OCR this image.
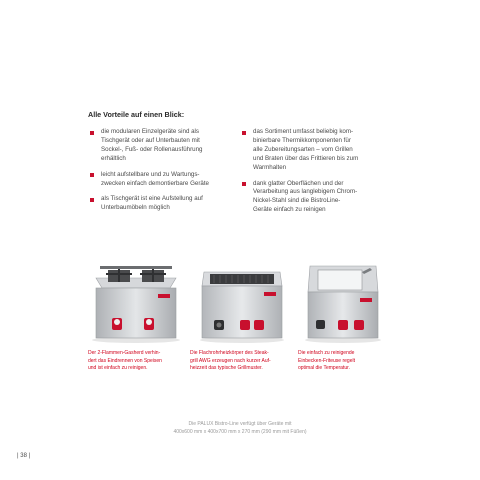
Alle Vorteile auf einen Blick:
die modularen Einzelgeräte sind als
Tischgerät oder auf Unterbauten mit
Sockel-, Fuß- oder Rollenausführung
erhältlich
leicht aufstellbare und zu Wartungs-
zwecken einfach demontierbare Geräte
als Tischgerät ist eine Aufstellung auf
Unterbaumöbeln möglich
das Sortiment umfasst beliebig kom-
binierbare Thermikkomponenten für
alle Zubereitungsarten – vom Grillen
und Braten über das Frittieren bis zum
Warmhalten
dank glatter Oberflächen und der
Verarbeitung aus langlebigem Chrom-
Nickel-Stahl sind die BistroLine-
Geräte einfach zu reinigen
Der 2-Flammen-Gasherd verhin-
dert das Eindrennen von Speisen
und ist einfach zu reinigen.
Die Flachrohrheizkörper des Steak-
grill AWG erzeugen nach kurzer Auf-
heizzeit das typische Grillmuster.
Die einfach zu reinigende
Einbecken-Friteuse regelt
optimal die Temperatur.
Die PALUX Bistro-Line verfügt über Geräte mit
400x600 mm x 400x700 mm x 270 mm (290 mm mit Füßen)
| 38 |
